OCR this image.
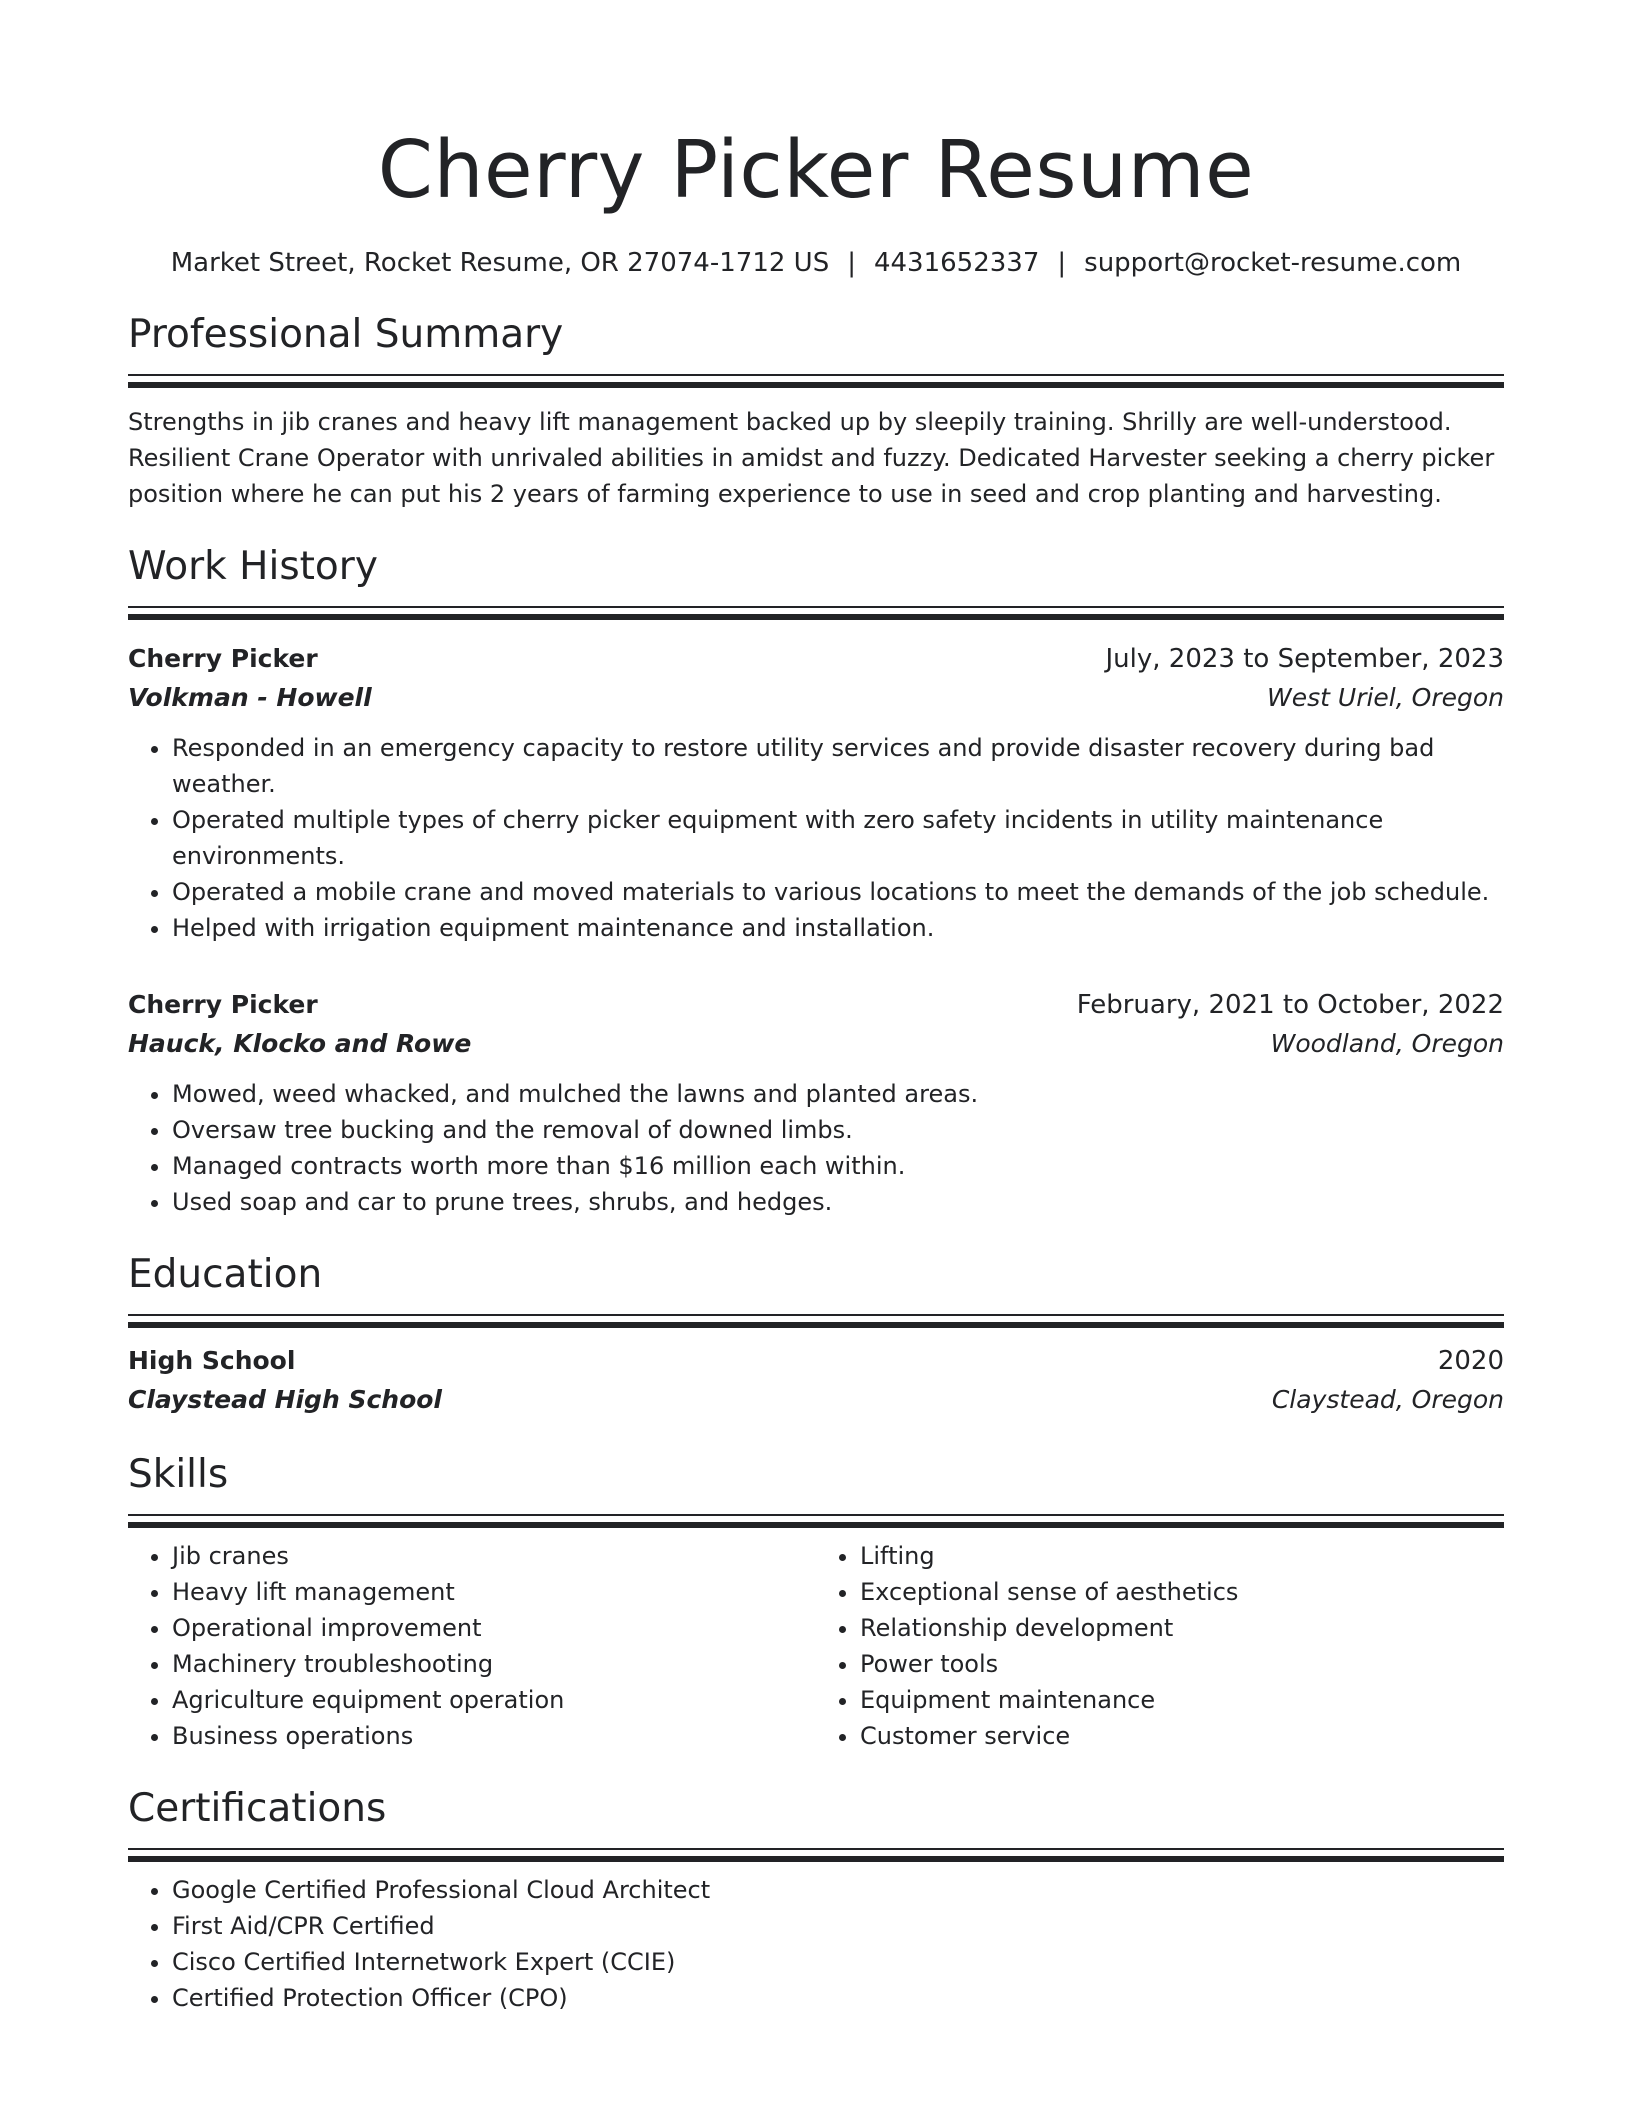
Cherry Picker Resume
Market Street, Rocket Resume, OR 27074-1712 US | 4431652337 | support@rocket-resume.com
Professional Summary

Strengths in jib cranes and heavy lift management backed up by sleepily training. Shrilly are well-understood. Resilient Crane Operator with unrivaled abilities in amidst and fuzzy. Dedicated Harvester seeking a cherry picker position where he can put his 2 years of farming experience to use in seed and crop planting and harvesting.

Work History
Cherry Picker	July, 2023 to September, 2023
Volkman - Howell	West Uriel, Oregon
• Responded in an emergency capacity to restore utility services and provide disaster recovery during bad weather.
• Operated multiple types of cherry picker equipment with zero safety incidents in utility maintenance environments.
• Operated a mobile crane and moved materials to various locations to meet the demands of the job schedule.
• Helped with irrigation equipment maintenance and installation.
Cherry Picker	February, 2021 to October, 2022
Hauck, Klocko and Rowe	Woodland, Oregon
• Mowed, weed whacked, and mulched the lawns and planted areas.
• Oversaw tree bucking and the removal of downed limbs.
• Managed contracts worth more than $16 million each within.
• Used soap and car to prune trees, shrubs, and hedges.
Education
High School	2020
Claystead High School	Claystead, Oregon
Skills
• Jib cranes
• Heavy lift management
• Operational improvement
• Machinery troubleshooting
• Agriculture equipment operation
• Business operations
• Lifting
• Exceptional sense of aesthetics
• Relationship development
• Power tools
• Equipment maintenance
• Customer service
Certifications
• Google Certified Professional Cloud Architect
• First Aid/CPR Certified
• Cisco Certified Internetwork Expert (CCIE)
• Certified Protection Officer (CPO)
